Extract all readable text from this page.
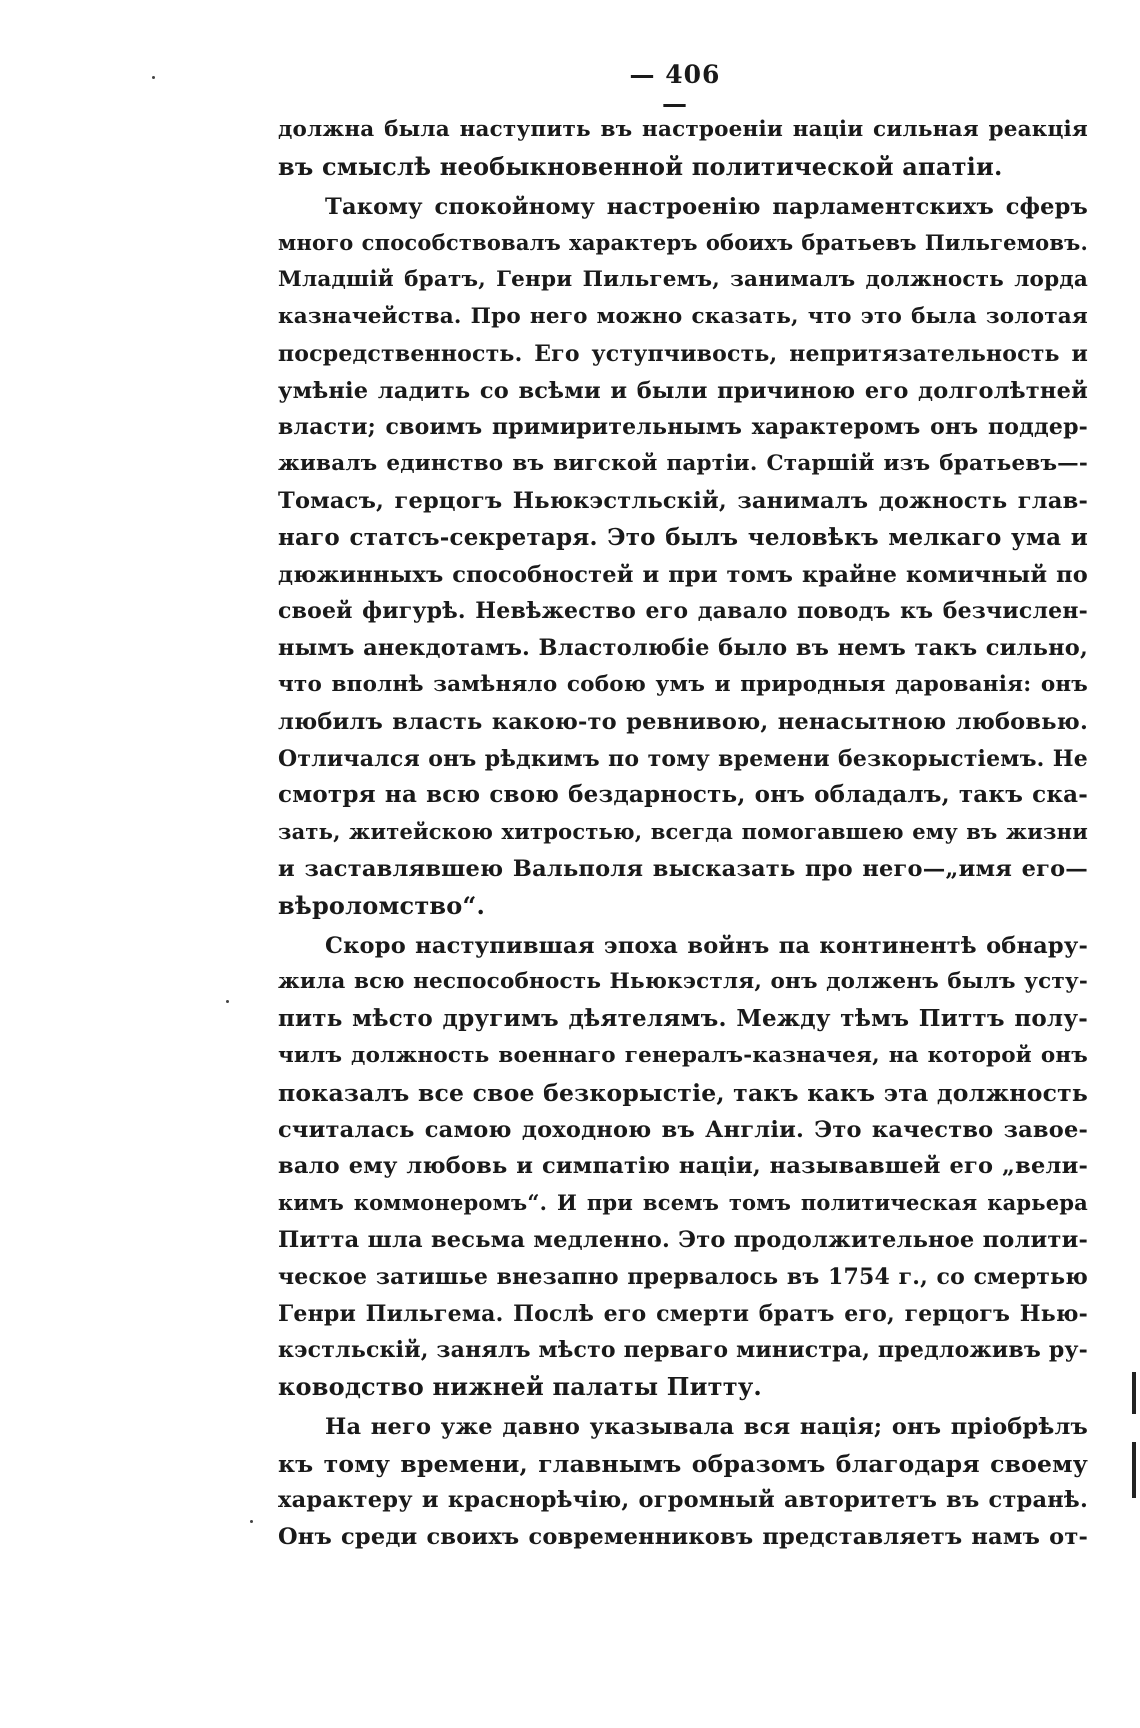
— 406 —

должна была наступить въ настроеніи націи сильная реакція
въ смыслѣ необыкновенной политической апатіи.

Такому спокойному настроенію парламентскихъ сферъ
много способствовалъ характеръ обоихъ братьевъ Пильгемовъ.
Младшій братъ, Генри Пильгемъ, занималъ должность лорда
казначейства. Про него можно сказать, что это была золотая
посредственность. Его уступчивость, непритязательность и
умѣніе ладить со всѣми и были причиною его долголѣтней
власти; своимъ примирительнымъ характеромъ онъ поддер-
живалъ единство въ вигской партіи. Старшій изъ братьевъ—-
Томасъ, герцогъ Ньюкэстльскій, занималъ дожность глав-
наго статсъ-секретаря. Это былъ человѣкъ мелкаго ума и
дюжинныхъ способностей и при томъ крайне комичный по
своей фигурѣ. Невѣжество его давало поводъ къ безчислен-
нымъ анекдотамъ. Властолюбіе было въ немъ такъ сильно,
что вполнѣ замѣняло собою умъ и природныя дарованія: онъ
любилъ власть какою-то ревнивою, ненасытною любовью.
Отличался онъ рѣдкимъ по тому времени безкорыстіемъ. Не
смотря на всю свою бездарность, онъ обладалъ, такъ ска-
зать, житейскою хитростью, всегда помогавшею ему въ жизни
и заставлявшею Вальполя высказать про него—„имя его—
вѣроломство“.

Скоро наступившая эпоха войнъ па континентѣ обнару-
жила всю неспособность Ньюкэстля, онъ долженъ былъ усту-
пить мѣсто другимъ дѣятелямъ. Между тѣмъ Питтъ полу-
чилъ должность военнаго генералъ-казначея, на которой онъ
показалъ все свое безкорыстіе, такъ какъ эта должность
считалась самою доходною въ Англіи. Это качество завое-
вало ему любовь и симпатію націи, называвшей его „вели-
кимъ коммонеромъ“. И при всемъ томъ политическая карьера
Питта шла весьма медленно. Это продолжительное полити-
ческое затишье внезапно прервалось въ 1754 г., со смертью
Генри Пильгема. Послѣ его смерти братъ его, герцогъ Нью-
кэстльскій, занялъ мѣсто перваго министра, предложивъ ру-
ководство нижней палаты Питту.

На него уже давно указывала вся нація; онъ пріобрѣлъ
къ тому времени, главнымъ образомъ благодаря своему
характеру и краснорѣчію, огромный авторитетъ въ странѣ.
Онъ среди своихъ современниковъ представляетъ намъ от-
